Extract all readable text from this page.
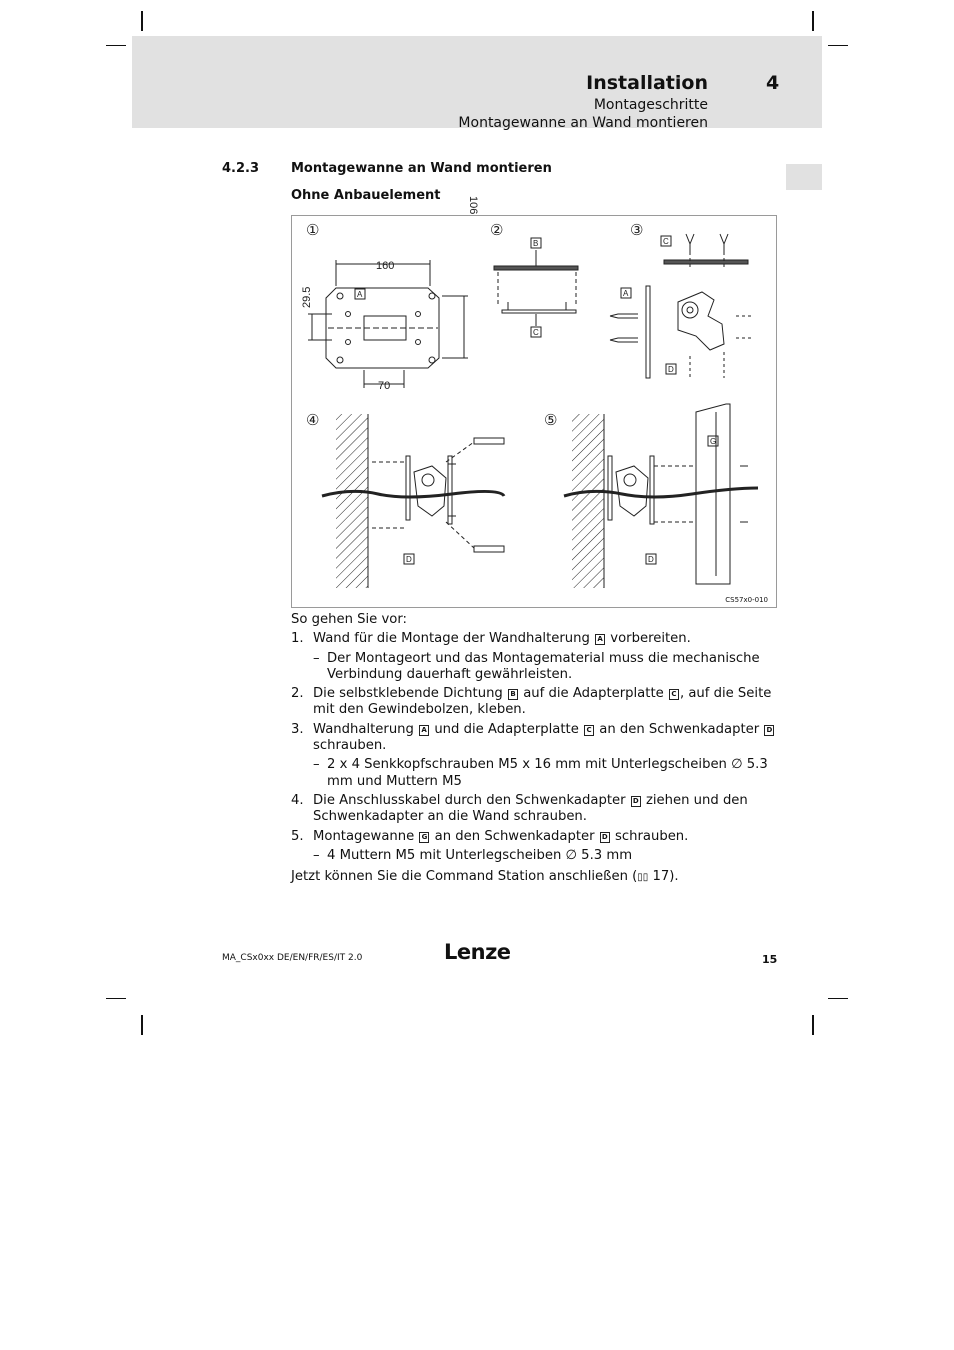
Installation	4
Montageschritte
Montagewanne an Wand montieren
4.2.3 Montagewanne an Wand montieren
Ohne Anbauelement
①	②	③
④	⑤
160
29.5
106
70
A
B
C
C
A
D
D
G
D
CS57x0-010

So gehen Sie vor:

1. Wand für die Montage der Wandhalterung A vorbereiten.
– Der Montageort und das Montagematerial muss die mechanische Verbindung dauerhaft gewährleisten.
2. Die selbstklebende Dichtung B auf die Adapterplatte C , auf die Seite mit den Gewindebolzen, kleben.
3. Wandhalterung A und die Adapterplatte C an den Schwenkadapter D schrauben.
– 2 x 4 Senkkopfschrauben M5 x 16 mm mit Unterlegscheiben ∅ 5.3 mm und Muttern M5
4. Die Anschlusskabel durch den Schwenkadapter D ziehen und den Schwenkadapter an die Wand schrauben.
5. Montagewanne G an den Schwenkadapter D schrauben.
– 4 Muttern M5 mit Unterlegscheiben ∅ 5.3 mm

Jetzt können Sie die Command Station anschließen (▯▯ 17).

MA_CSx0xx DE/EN/FR/ES/IT 2.0	Lenze	15
